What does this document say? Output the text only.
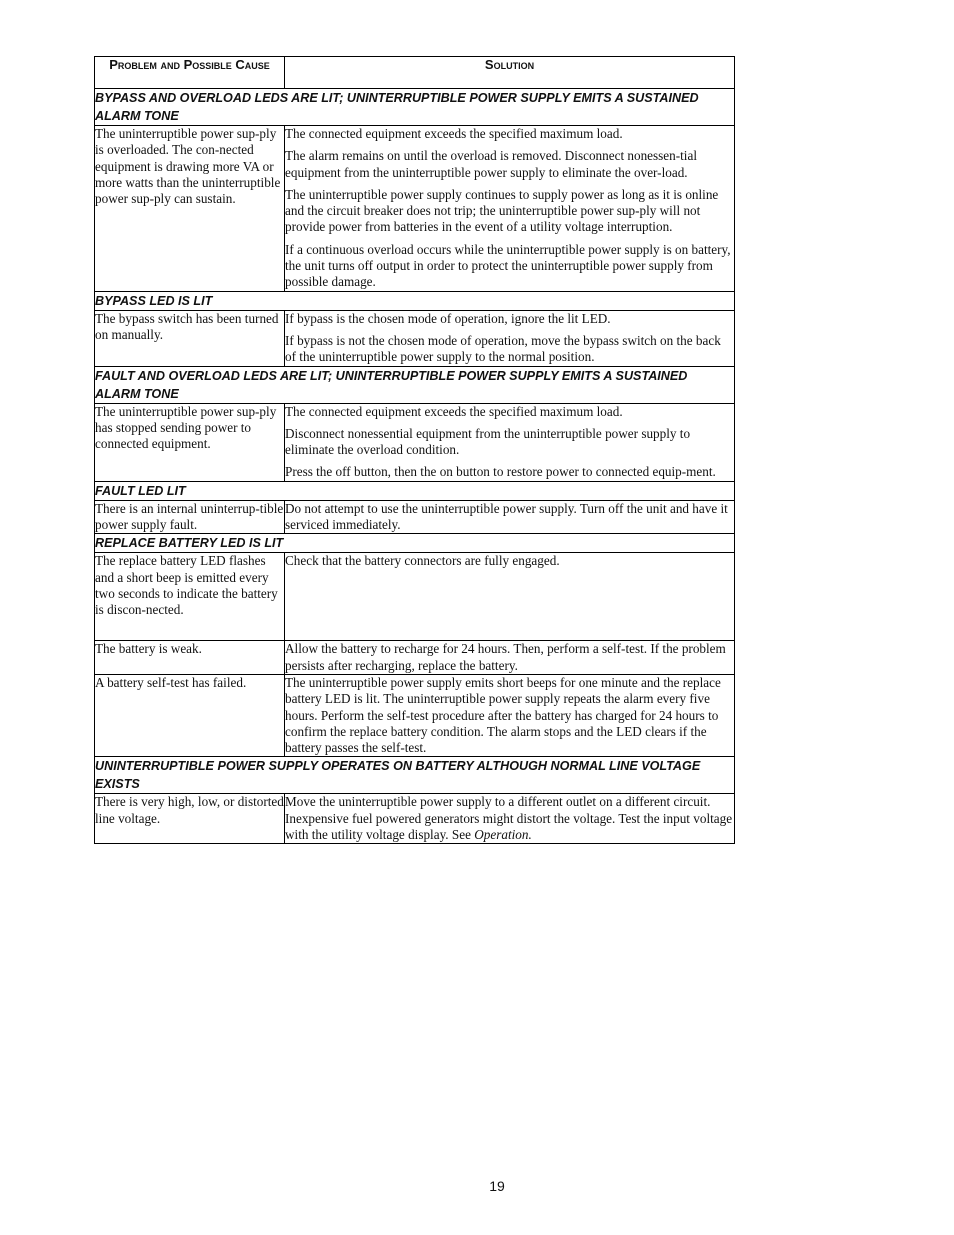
Problem and Possible Cause	Solution
BYPASS AND OVERLOAD LEDS ARE LIT; UNINTERRUPTIBLE POWER SUPPLY EMITS A SUSTAINED ALARM TONE	
The uninterruptible power sup-ply is overloaded. The con-nected equipment is drawing more VA or more watts than the uninterruptible power sup-ply can sustain.	The connected equipment exceeds the specified maximum load.

The alarm remains on until the overload is removed. Disconnect nonessen-tial equipment from the uninterruptible power supply to eliminate the over-load.

The uninterruptible power supply continues to supply power as long as it is online and the circuit breaker does not trip; the uninterruptible power sup-ply will not provide power from batteries in the event of a utility voltage interruption.

If a continuous overload occurs while the uninterruptible power supply is on battery, the unit turns off output in order to protect the uninterruptible power supply from possible damage.

BYPASS LED IS LIT	
The bypass switch has been turned on manually.	If bypass is the chosen mode of operation, ignore the lit LED.

If bypass is not the chosen mode of operation, move the bypass switch on the back of the uninterruptible power supply to the normal position.

FAULT AND OVERLOAD LEDS ARE LIT; UNINTERRUPTIBLE POWER SUPPLY EMITS A SUSTAINED ALARM TONE	
The uninterruptible power sup-ply has stopped sending power to connected equipment.	The connected equipment exceeds the specified maximum load.

Disconnect nonessential equipment from the uninterruptible power supply to eliminate the overload condition.

Press the off button, then the on button to restore power to connected equip-ment.

FAULT LED LIT	
There is an internal uninterrup-tible power supply fault.	Do not attempt to use the uninterruptible power supply. Turn off the unit and have it serviced immediately.

REPLACE BATTERY LED IS LIT	
The replace battery LED flashes and a short beep is emitted every two seconds to indicate the battery is discon-nected.	Check that the battery connectors are fully engaged.

The battery is weak.	Allow the battery to recharge for 24 hours. Then, perform a self-test. If the problem persists after recharging, replace the battery.

A battery self-test has failed.	The uninterruptible power supply emits short beeps for one minute and the replace battery LED is lit. The uninterruptible power supply repeats the alarm every five hours. Perform the self-test procedure after the battery has charged for 24 hours to confirm the replace battery condition. The alarm stops and the LED clears if the battery passes the self-test.

UNINTERRUPTIBLE POWER SUPPLY OPERATES ON BATTERY ALTHOUGH NORMAL LINE VOLTAGE EXISTS	
There is very high, low, or distorted line voltage.	Move the uninterruptible power supply to a different outlet on a different circuit. Inexpensive fuel powered generators might distort the voltage. Test the input voltage with the utility voltage display. See Operation.

19
